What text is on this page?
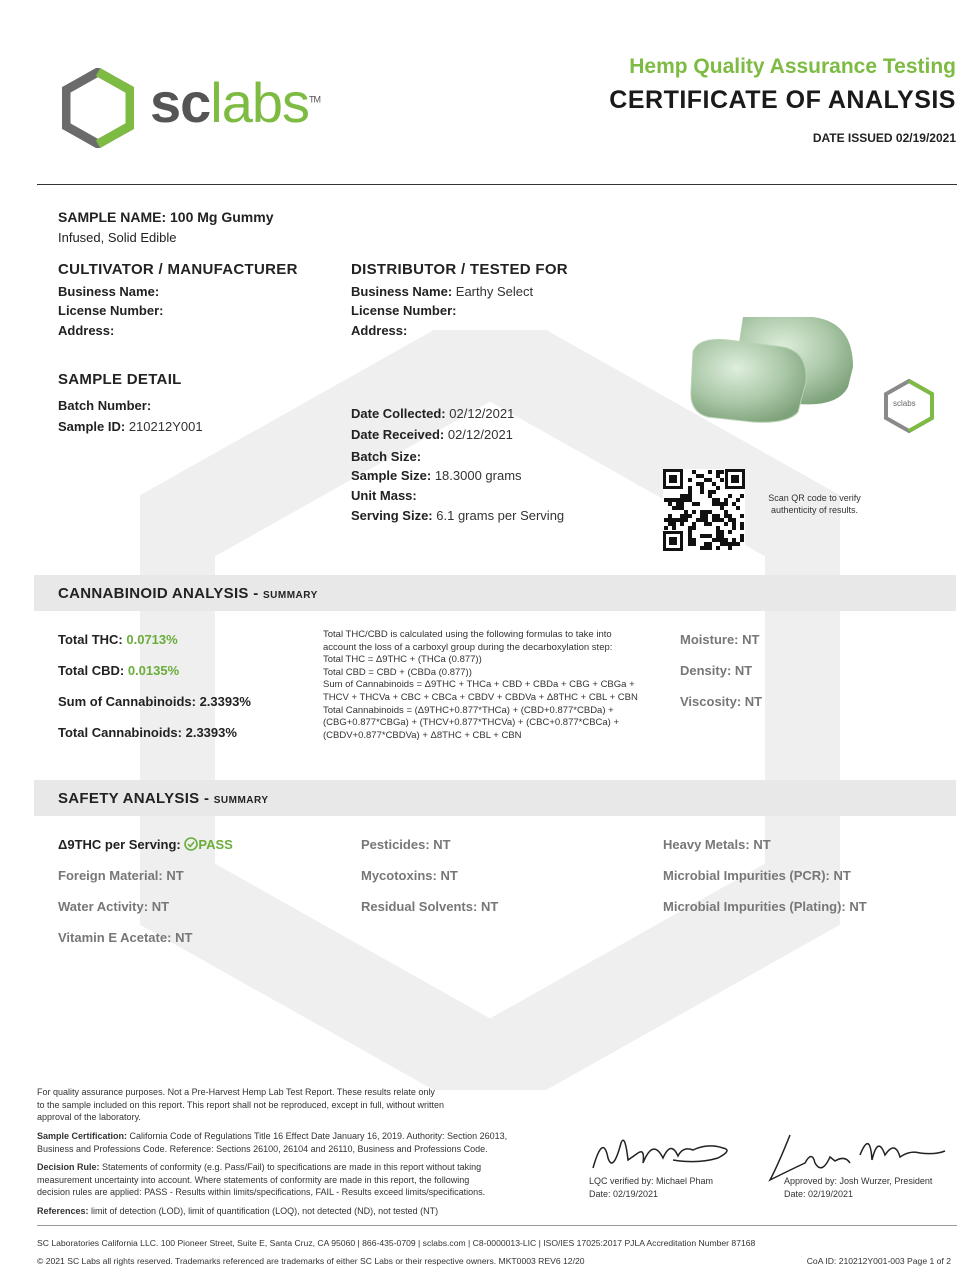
sclabs™
Hemp Quality Assurance Testing
CERTIFICATE OF ANALYSIS
DATE ISSUED 02/19/2021
SAMPLE NAME: 100 Mg Gummy
Infused, Solid Edible
CULTIVATOR / MANUFACTURER
Business Name:
License Number:
Address:
DISTRIBUTOR / TESTED FOR
Business Name: Earthy Select
License Number:
Address:
sclabs
SAMPLE DETAIL
Batch Number:
Sample ID: 210212Y001
Date Collected: 02/12/2021
Date Received: 02/12/2021
Batch Size:
Sample Size: 18.3000 grams
Unit Mass:
Serving Size: 6.1 grams per Serving
Scan QR code to verify
authenticity of results.
CANNABINOID ANALYSIS - SUMMARY
Total THC: 0.0713%
Total CBD: 0.0135%
Sum of Cannabinoids: 2.3393%
Total Cannabinoids: 2.3393%
Total THC/CBD is calculated using the following formulas to take into
account the loss of a carboxyl group during the decarboxylation step:
Total THC = Δ9THC + (THCa (0.877))
Total CBD = CBD + (CBDa (0.877))
Sum of Cannabinoids = Δ9THC + THCa + CBD + CBDa + CBG + CBGa +
THCV + THCVa + CBC + CBCa + CBDV + CBDVa + Δ8THC + CBL + CBN
Total Cannabinoids = (Δ9THC+0.877*THCa) + (CBD+0.877*CBDa) +
(CBG+0.877*CBGa) + (THCV+0.877*THCVa) + (CBC+0.877*CBCa) +
(CBDV+0.877*CBDVa) + Δ8THC + CBL + CBN
Moisture: NT
Density: NT
Viscosity: NT
SAFETY ANALYSIS - SUMMARY
Δ9THC per Serving: PASS	Pesticides: NT	Heavy Metals: NT
Foreign Material: NT	Mycotoxins: NT	Microbial Impurities (PCR): NT
Water Activity: NT	Residual Solvents: NT	Microbial Impurities (Plating): NT
Vitamin E Acetate: NT
For quality assurance purposes. Not a Pre-Harvest Hemp Lab Test Report. These results relate only
to the sample included on this report. This report shall not be reproduced, except in full, without written
approval of the laboratory.
Sample Certification: California Code of Regulations Title 16 Effect Date January 16, 2019. Authority: Section 26013,
Business and Professions Code. Reference: Sections 26100, 26104 and 26110, Business and Professions Code.
Decision Rule: Statements of conformity (e.g. Pass/Fail) to specifications are made in this report without taking
measurement uncertainty into account. Where statements of conformity are made in this report, the following
decision rules are applied: PASS - Results within limits/specifications, FAIL - Results exceed limits/specifications.
References: limit of detection (LOD), limit of quantification (LOQ), not detected (ND), not tested (NT)
LQC verified by: Michael Pham
Date: 02/19/2021
Approved by: Josh Wurzer, President
Date: 02/19/2021
SC Laboratories California LLC. 100 Pioneer Street, Suite E, Santa Cruz, CA 95060 | 866-435-0709 | sclabs.com | C8-0000013-LIC | ISO/IES 17025:2017 PJLA Accreditation Number 87168
© 2021 SC Labs all rights reserved. Trademarks referenced are trademarks of either SC Labs or their respective owners. MKT0003 REV6 12/20	CoA ID: 210212Y001-003 Page 1 of 2
